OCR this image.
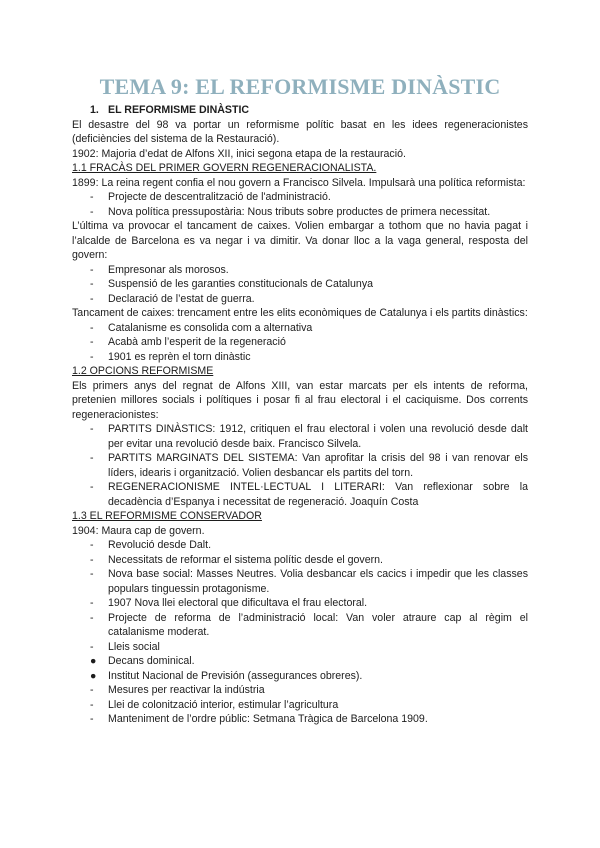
TEMA 9: EL REFORMISME DINÀSTIC

1. EL REFORMISME DINÀSTIC

El desastre del 98 va portar un reformisme polític basat en les idees regeneracionistes (deficiències del sistema de la Restauració).

1902: Majoria d’edat de Alfons XII, inici segona etapa de la restauració.

1.1 FRACÀS DEL PRIMER GOVERN REGENERACIONALISTA.

1899: La reina regent confia el nou govern a Francisco Silvela. Impulsarà una política reformista:

- Projecte de descentralització de l'administració.
- Nova política pressupostària: Nous tributs sobre productes de primera necessitat.

L’última va provocar el tancament de caixes. Volien embargar a tothom que no havia pagat i l’alcalde de Barcelona es va negar i va dimitir. Va donar lloc a la vaga general, resposta del govern:

- Empresonar als morosos.
- Suspensió de les garanties constitucionals de Catalunya
- Declaració de l’estat de guerra.

Tancament de caixes: trencament entre les elits econòmiques de Catalunya i els partits dinàstics:

- Catalanisme es consolida com a alternativa
- Acabà amb l’esperit de la regeneració
- 1901 es reprèn el torn dinàstic

1.2 OPCIONS REFORMISME

Els primers anys del regnat de Alfons XIII, van estar marcats per els intents de reforma, pretenien millores socials i polítiques i posar fi al frau electoral i el caciquisme. Dos corrents regeneracionistes:

- PARTITS DINÀSTICS: 1912, critiquen el frau electoral i volen una revolució desde dalt per evitar una revolució desde baix. Francisco Silvela.
- PARTITS MARGINATS DEL SISTEMA: Van aprofitar la crisis del 98 i van renovar els líders, idearis i organització. Volien desbancar els partits del torn.
- REGENERACIONISME INTEL·LECTUAL I LITERARI: Van reflexionar sobre la decadència d’Espanya i necessitat de regeneració. Joaquín Costa

1.3 EL REFORMISME CONSERVADOR

1904: Maura cap de govern.

- Revolució desde Dalt.
- Necessitats de reformar el sistema polític desde el govern.
- Nova base social: Masses Neutres. Volia desbancar els cacics i impedir que les classes populars tinguessin protagonisme.
- 1907 Nova llei electoral que dificultava el frau electoral.
- Projecte de reforma de l’administració local: Van voler atraure cap al règim el catalanisme moderat.
- Lleis social
● Decans dominical.
● Institut Nacional de Previsión (assegurances obreres).
- Mesures per reactivar la indústria
- Llei de colonització interior, estimular l’agricultura
- Manteniment de l’ordre públic: Setmana Tràgica de Barcelona 1909.
